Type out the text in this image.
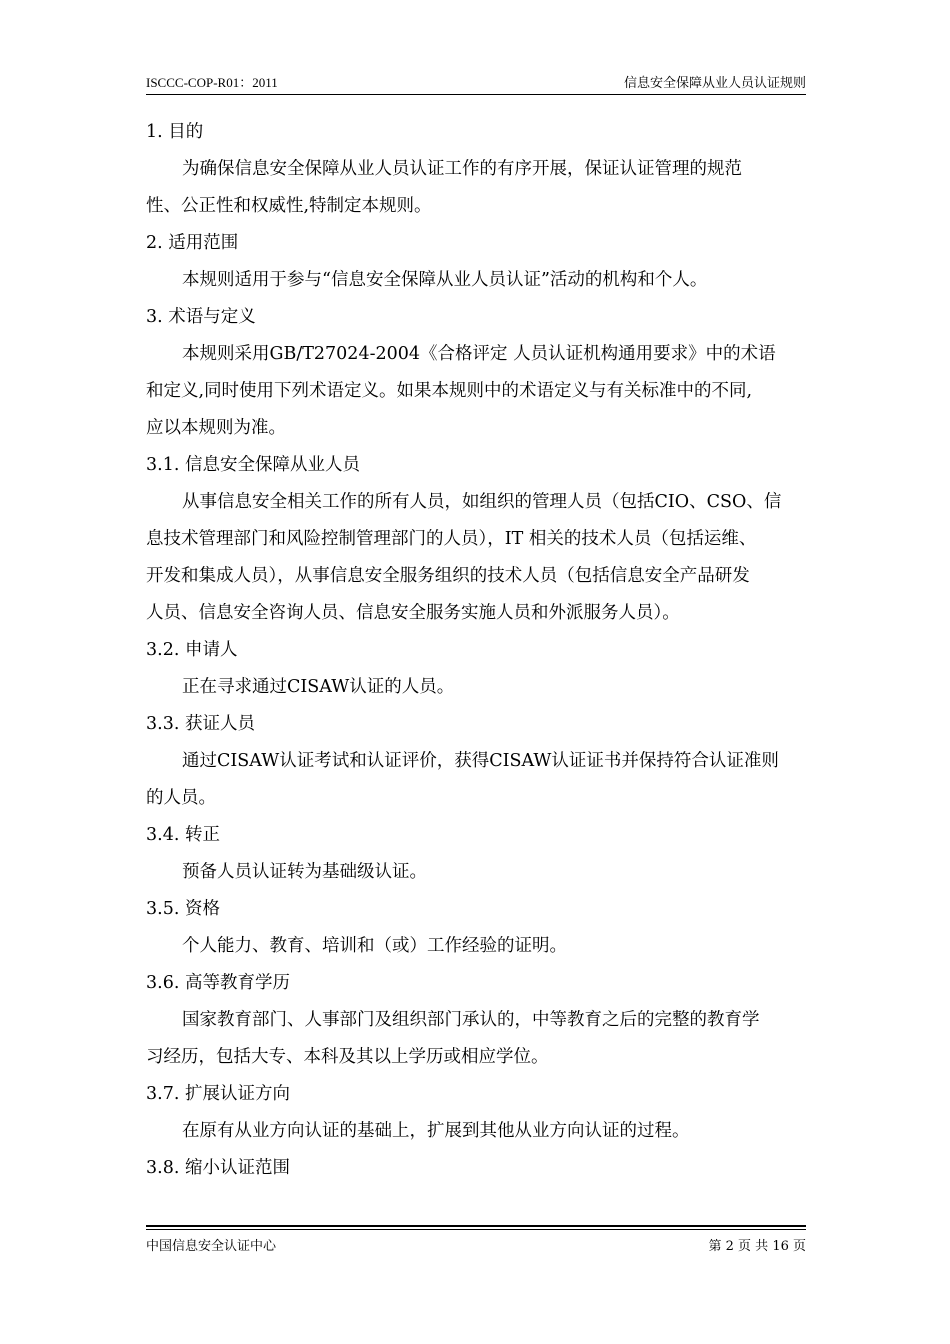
ISCCC-COP-R01：2011	信息安全保障从业人员认证规则
1. 目的
为确保信息安全保障从业人员认证工作的有序开展，保证认证管理的规范
性、公正性和权威性,特制定本规则。
2. 适用范围
本规则适用于参与“信息安全保障从业人员认证”活动的机构和个人。
3. 术语与定义
本规则采用GB/T27024-2004《合格评定 人员认证机构通用要求》中的术语
和定义,同时使用下列术语定义。如果本规则中的术语定义与有关标准中的不同,
应以本规则为准。
3.1. 信息安全保障从业人员
从事信息安全相关工作的所有人员，如组织的管理人员（包括CIO、CSO、信
息技术管理部门和风险控制管理部门的人员），IT 相关的技术人员（包括运维、
开发和集成人员），从事信息安全服务组织的技术人员（包括信息安全产品研发
人员、信息安全咨询人员、信息安全服务实施人员和外派服务人员）。
3.2. 申请人
正在寻求通过CISAW认证的人员。
3.3. 获证人员
通过CISAW认证考试和认证评价，获得CISAW认证证书并保持符合认证准则
的人员。
3.4. 转正
预备人员认证转为基础级认证。
3.5. 资格
个人能力、教育、培训和（或）工作经验的证明。
3.6. 高等教育学历
国家教育部门、人事部门及组织部门承认的，中等教育之后的完整的教育学
习经历，包括大专、本科及其以上学历或相应学位。
3.7. 扩展认证方向
在原有从业方向认证的基础上，扩展到其他从业方向认证的过程。
3.8. 缩小认证范围
中国信息安全认证中心	第 2 页 共 16 页
